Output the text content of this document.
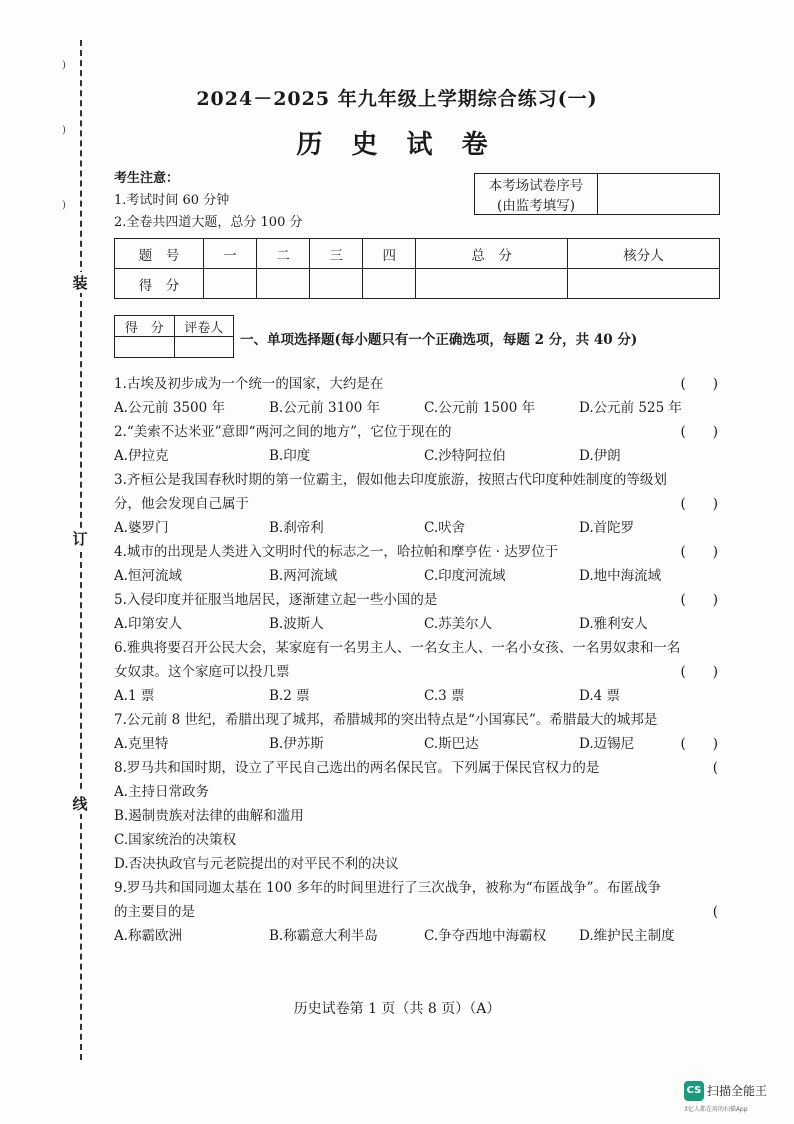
)
)
)
装
订
线
2024－2025 年九年级上学期综合练习(一)
历 史 试 卷
考生注意：
1.考试时间 60 分钟
2.全卷共四道大题，总分 100 分
本考场试卷序号
(由监考填写)

题　号	一	二	三	四	总　分	核分人
得　分						
得　分	评卷人

一、单项选择题(每小题只有一个正确选项，每题 2 分，共 40 分)
1.古埃及初步成为一个统一的国家，大约是在	(　　)
A.公元前 3500 年	B.公元前 3100 年	C.公元前 1500 年	D.公元前 525 年
2.“美索不达米亚”意即“两河之间的地方”，它位于现在的	(　　)
A.伊拉克	B.印度	C.沙特阿拉伯	D.伊朗
3.齐桓公是我国春秋时期的第一位霸主，假如他去印度旅游，按照古代印度种姓制度的等级划
分，他会发现自己属于	(　　)
A.婆罗门	B.刹帝利	C.吠舍	D.首陀罗
4.城市的出现是人类进入文明时代的标志之一，哈拉帕和摩亨佐 · 达罗位于	(　　)
A.恒河流域	B.两河流域	C.印度河流域	D.地中海流域
5.入侵印度并征服当地居民，逐渐建立起一些小国的是	(　　)
A.印第安人	B.波斯人	C.苏美尔人	D.雅利安人
6.雅典将要召开公民大会，某家庭有一名男主人、一名女主人、一名小女孩、一名男奴隶和一名
女奴隶。这个家庭可以投几票	(　　)
A.1 票	B.2 票	C.3 票	D.4 票
7.公元前 8 世纪，希腊出现了城邦，希腊城邦的突出特点是“小国寡民”。希腊最大的城邦是
(　　)
A.克里特	B.伊苏斯	C.斯巴达	D.迈锡尼
8.罗马共和国时期，设立了平民自己选出的两名保民官。下列属于保民官权力的是	(
A.主持日常政务
B.遏制贵族对法律的曲解和滥用
C.国家统治的决策权
D.否决执政官与元老院提出的对平民不利的决议
9.罗马共和国同迦太基在 100 多年的时间里进行了三次战争，被称为“布匿战争”。布匿战争
的主要目的是	(
A.称霸欧洲	B.称霸意大利半岛	C.争夺西地中海霸权	D.维护民主制度
历史试卷第 1 页（共 8 页）（A）
CS 扫描全能王
3亿人都在用的扫描App
